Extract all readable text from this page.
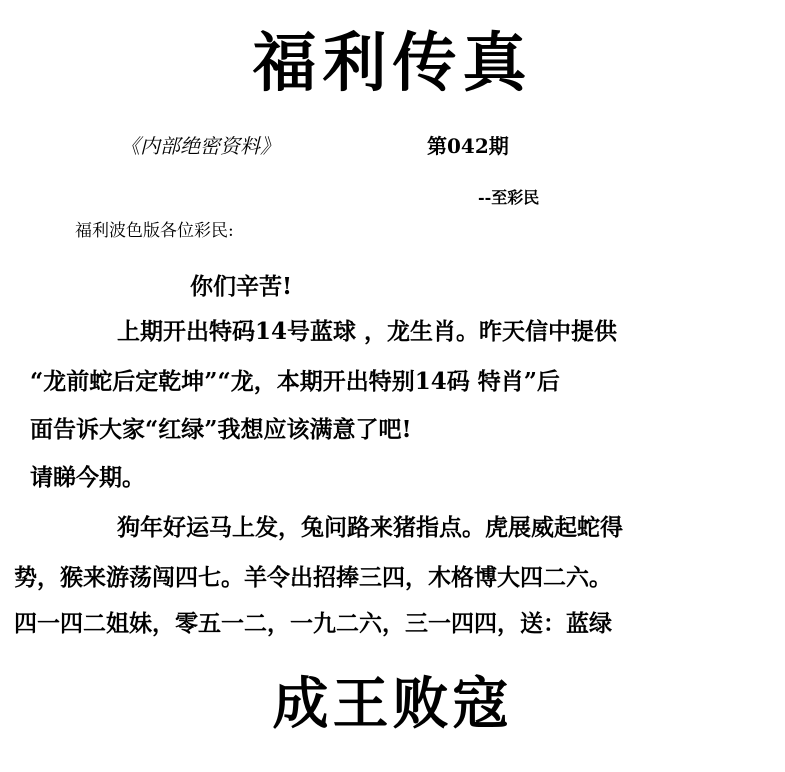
福利传真
《内部绝密资料》	第042期
--至彩民
福利波色版各位彩民:
你们辛苦!
上期开出特码14号蓝球 ，龙生肖。昨天信中提供
“龙前蛇后定乾坤”“龙，本期开出特别14码 特肖”后
面告诉大家“红绿”我想应该满意了吧!
请睇今期。
狗年好运马上发，兔问路来猪指点。虎展威起蛇得
势，猴来游荡闯四七。羊令出招捧三四，木格博大四二六。
四一四二姐妹，零五一二，一九二六，三一四四，送：蓝绿
成王败寇
